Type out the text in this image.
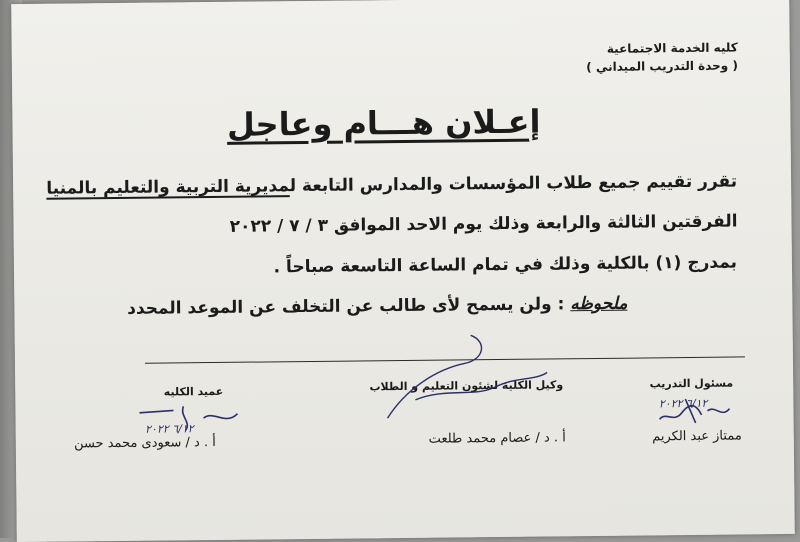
كليه الخدمة الاجتماعية
( وحدة التدريب الميداني )
إعـلان هـــام وعاجل
تقرر تقييم جميع طلاب المؤسسات والمدارس التابعة لمديرية التربية والتعليم بالمنيا
الفرقتين الثالثة والرابعة وذلك يوم الاحد الموافق ٣ / ٧ / ٢٠٢٢
بمدرج (١) بالكلية وذلك في تمام الساعة التاسعة صباحاً .
ملحوظه : ولن يسمح لأى طالب عن التخلف عن الموعد المحدد
مسئول التدريب
وكيل الكلية لشئون التعليم و الطلاب
عميد الكليه
ممتاز عبد الكريم
أ . د / عصام محمد طلعت
أ . د / سعودى محمد حسن
٦/١٢ ٢٠٢٢
٦/١٢ ٢٠٢٢
